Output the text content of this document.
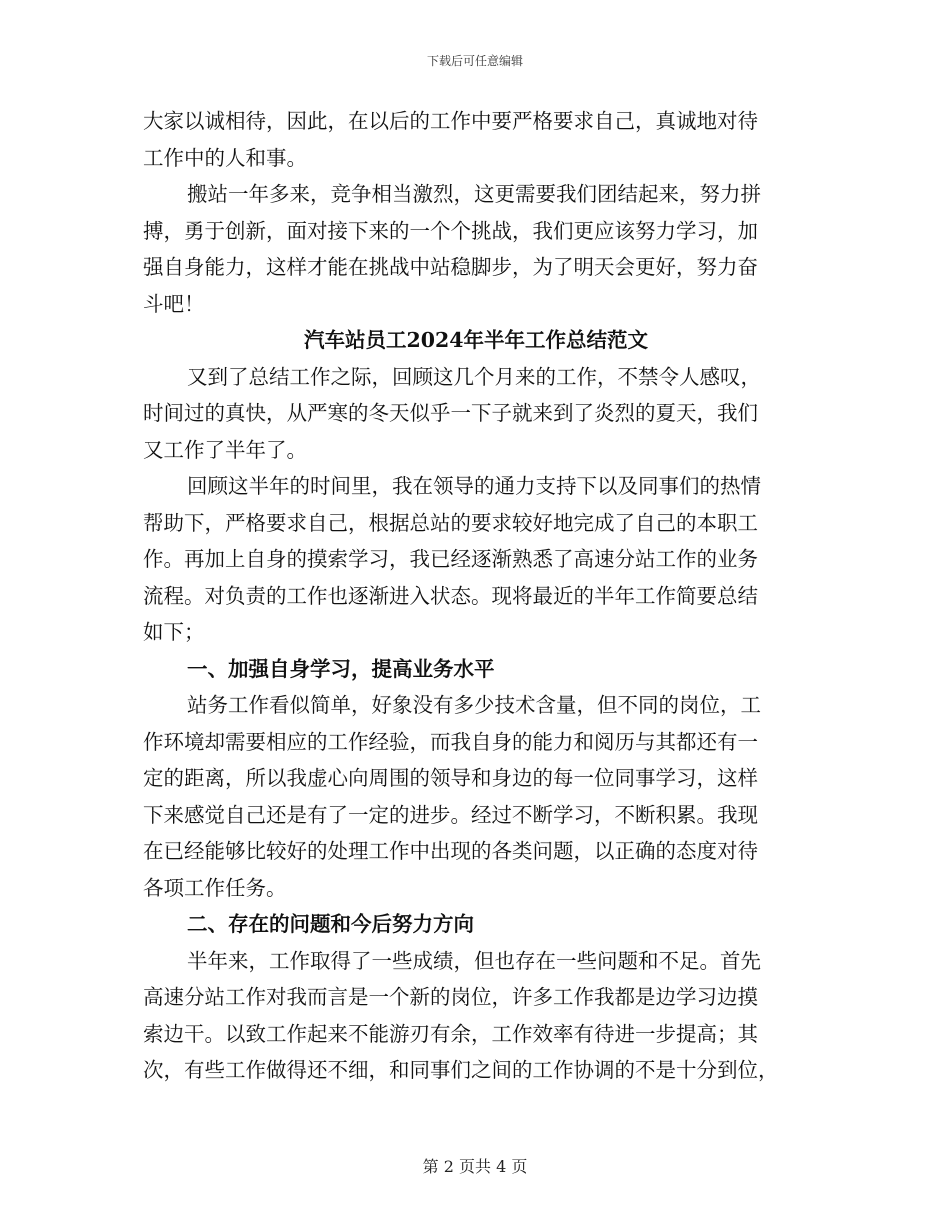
下载后可任意编辑
大家以诚相待，因此，在以后的工作中要严格要求自己，真诚地对待
工作中的人和事。
搬站一年多来，竞争相当激烈，这更需要我们团结起来，努力拼
搏，勇于创新，面对接下来的一个个挑战，我们更应该努力学习，加
强自身能力，这样才能在挑战中站稳脚步，为了明天会更好，努力奋
斗吧！
汽车站员工2024年半年工作总结范文
又到了总结工作之际，回顾这几个月来的工作，不禁令人感叹，
时间过的真快，从严寒的冬天似乎一下子就来到了炎烈的夏天，我们
又工作了半年了。
回顾这半年的时间里，我在领导的通力支持下以及同事们的热情
帮助下，严格要求自己，根据总站的要求较好地完成了自己的本职工
作。再加上自身的摸索学习，我已经逐渐熟悉了高速分站工作的业务
流程。对负责的工作也逐渐进入状态。现将最近的半年工作简要总结
如下；
一、加强自身学习，提高业务水平
站务工作看似简单，好象没有多少技术含量，但不同的岗位，工
作环境却需要相应的工作经验，而我自身的能力和阅历与其都还有一
定的距离，所以我虚心向周围的领导和身边的每一位同事学习，这样
下来感觉自己还是有了一定的进步。经过不断学习，不断积累。我现
在已经能够比较好的处理工作中出现的各类问题，以正确的态度对待
各项工作任务。
二、存在的问题和今后努力方向
半年来，工作取得了一些成绩，但也存在一些问题和不足。首先
高速分站工作对我而言是一个新的岗位，许多工作我都是边学习边摸
索边干。以致工作起来不能游刃有余，工作效率有待进一步提高；其
次，有些工作做得还不细，和同事们之间的工作协调的不是十分到位，
第 2 页共 4 页
